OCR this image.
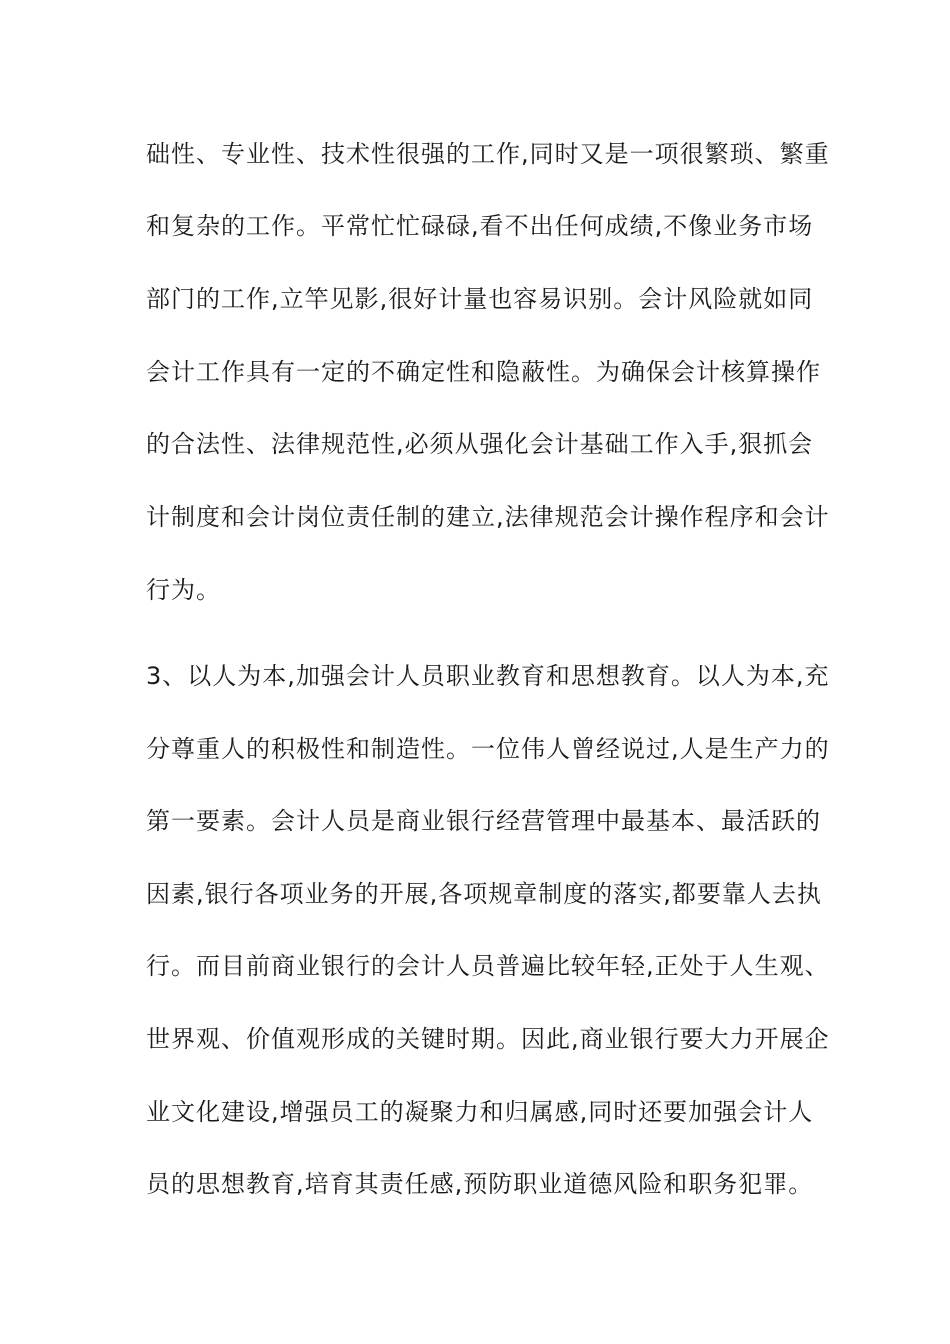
础性、专业性、技术性很强的工作,同时又是一项很繁琐、繁重
和复杂的工作。平常忙忙碌碌,看不出任何成绩,不像业务市场
部门的工作,立竿见影,很好计量也容易识别。会计风险就如同
会计工作具有一定的不确定性和隐蔽性。为确保会计核算操作
的合法性、法律规范性,必须从强化会计基础工作入手,狠抓会
计制度和会计岗位责任制的建立,法律规范会计操作程序和会计
行为。
3、以人为本,加强会计人员职业教育和思想教育。以人为本,充
分尊重人的积极性和制造性。一位伟人曾经说过,人是生产力的
第一要素。会计人员是商业银行经营管理中最基本、最活跃的
因素,银行各项业务的开展,各项规章制度的落实,都要靠人去执
行。而目前商业银行的会计人员普遍比较年轻,正处于人生观、
世界观、价值观形成的关键时期。因此,商业银行要大力开展企
业文化建设,增强员工的凝聚力和归属感,同时还要加强会计人
员的思想教育,培育其责任感,预防职业道德风险和职务犯罪。
